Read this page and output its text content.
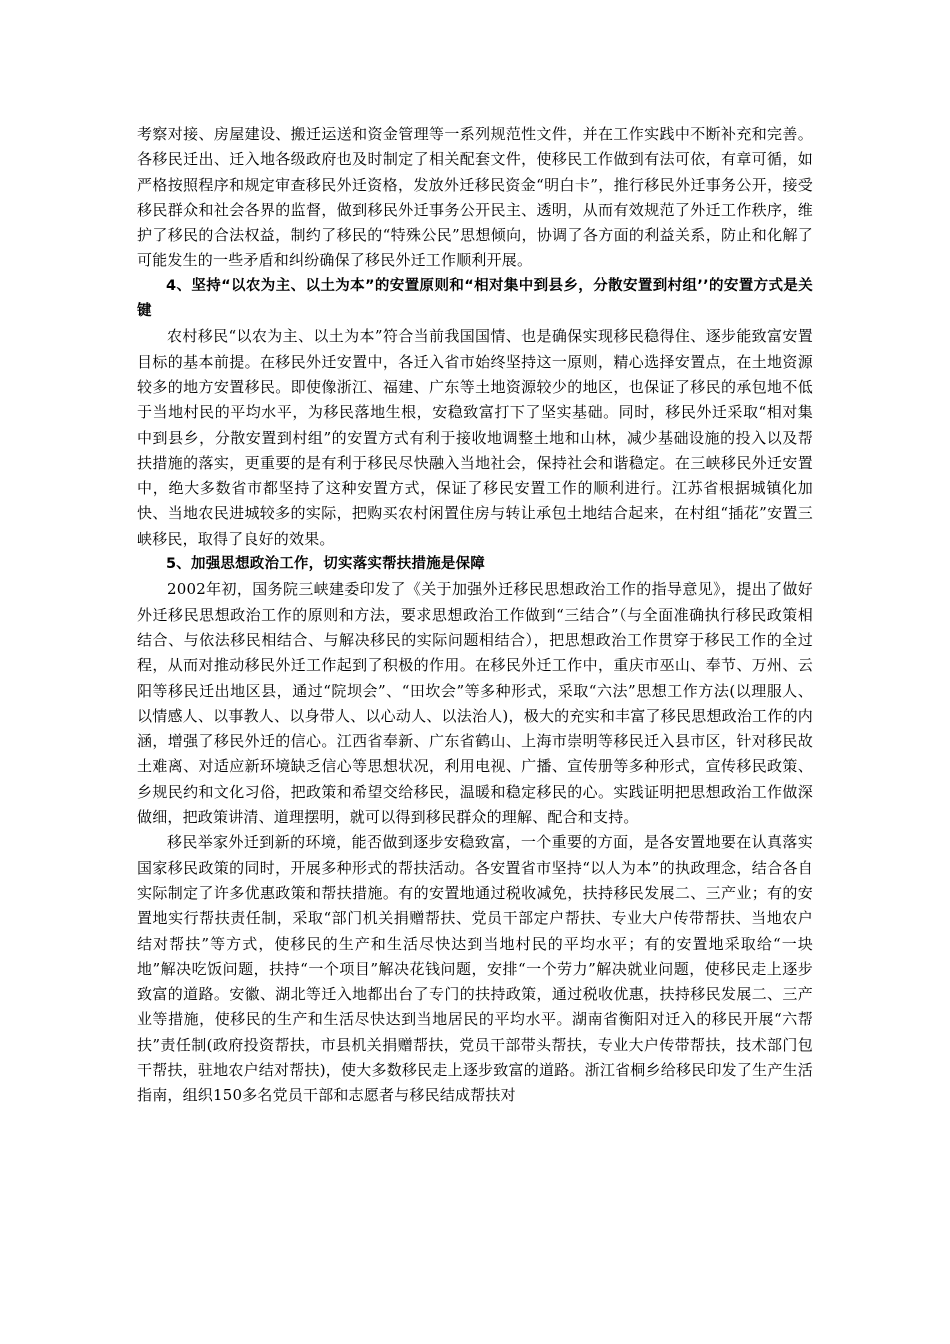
考察对接、房屋建设、搬迁运送和资金管理等一系列规范性文件，并在工作实践中不断补充和完善。各移民迁出、迁入地各级政府也及时制定了相关配套文件，使移民工作做到有法可依，有章可循，如严格按照程序和规定审查移民外迁资格，发放外迁移民资金“明白卡”，推行移民外迁事务公开，接受移民群众和社会各界的监督，做到移民外迁事务公开民主、透明，从而有效规范了外迁工作秩序，维护了移民的合法权益，制约了移民的“特殊公民”思想倾向，协调了各方面的利益关系，防止和化解了可能发生的一些矛盾和纠纷确保了移民外迁工作顺利开展。

4、坚持“以农为主、以土为本”的安置原则和“相对集中到县乡，分散安置到村组’’的安置方式是关键

农村移民“以农为主、以土为本”符合当前我国国情、也是确保实现移民稳得住、逐步能致富安置目标的基本前提。在移民外迁安置中，各迁入省市始终坚持这一原则，精心选择安置点，在土地资源较多的地方安置移民。即使像浙江、福建、广东等土地资源较少的地区，也保证了移民的承包地不低于当地村民的平均水平，为移民落地生根，安稳致富打下了坚实基础。同时，移民外迁采取“相对集中到县乡，分散安置到村组”的安置方式有利于接收地调整土地和山林，减少基础设施的投入以及帮扶措施的落实，更重要的是有利于移民尽快融入当地社会，保持社会和谐稳定。在三峡移民外迁安置中，绝大多数省市都坚持了这种安置方式，保证了移民安置工作的顺利进行。江苏省根据城镇化加快、当地农民进城较多的实际，把购买农村闲置住房与转让承包土地结合起来，在村组“插花”安置三峡移民，取得了良好的效果。

5、加强思想政治工作，切实落实帮扶措施是保障

2002年初，国务院三峡建委印发了《关于加强外迁移民思想政治工作的指导意见》，提出了做好外迁移民思想政治工作的原则和方法，要求思想政治工作做到“三结合”（与全面准确执行移民政策相结合、与依法移民相结合、与解决移民的实际问题相结合），把思想政治工作贯穿于移民工作的全过程，从而对推动移民外迁工作起到了积极的作用。在移民外迁工作中，重庆市巫山、奉节、万州、云阳等移民迁出地区县，通过“院坝会”、“田坎会”等多种形式，采取“六法”思想工作方法(以理服人、以情感人、以事教人、以身带人、以心动人、以法治人)，极大的充实和丰富了移民思想政治工作的内涵，增强了移民外迁的信心。江西省奉新、广东省鹤山、上海市崇明等移民迁入县市区，针对移民故土难离、对适应新环境缺乏信心等思想状况，利用电视、广播、宣传册等多种形式，宣传移民政策、乡规民约和文化习俗，把政策和希望交给移民，温暖和稳定移民的心。实践证明把思想政治工作做深做细，把政策讲清、道理摆明，就可以得到移民群众的理解、配合和支持。

移民举家外迁到新的环境，能否做到逐步安稳致富，一个重要的方面，是各安置地要在认真落实国家移民政策的同时，开展多种形式的帮扶活动。各安置省市坚持“以人为本”的执政理念，结合各自实际制定了许多优惠政策和帮扶措施。有的安置地通过税收减免，扶持移民发展二、三产业；有的安置地实行帮扶责任制，采取“部门机关捐赠帮扶、党员干部定户帮扶、专业大户传带帮扶、当地农户结对帮扶”等方式，使移民的生产和生活尽快达到当地村民的平均水平；有的安置地采取给“一块地”解决吃饭问题，扶持“一个项目”解决花钱问题，安排“一个劳力”解决就业问题，使移民走上逐步致富的道路。安徽、湖北等迁入地都出台了专门的扶持政策，通过税收优惠，扶持移民发展二、三产业等措施，使移民的生产和生活尽快达到当地居民的平均水平。湖南省衡阳对迁入的移民开展“六帮扶”责任制(政府投资帮扶，市县机关捐赠帮扶，党员干部带头帮扶，专业大户传带帮扶，技术部门包干帮扶，驻地农户结对帮扶)，使大多数移民走上逐步致富的道路。浙江省桐乡给移民印发了生产生活指南，组织150多名党员干部和志愿者与移民结成帮扶对
